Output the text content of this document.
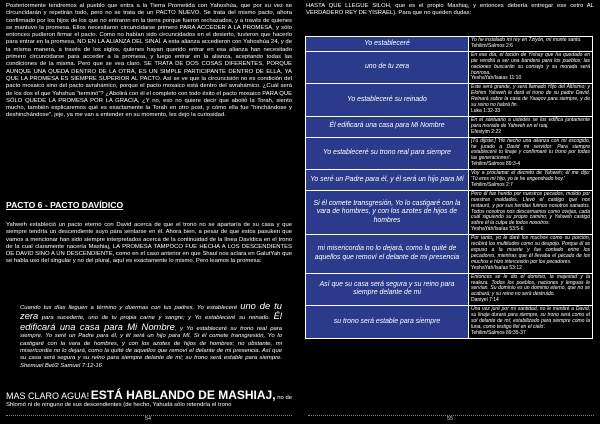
Posteriormente tendremos al pueblo que entra a la Tierra Prometida con Yahoshúa, que por su vez se circuncidarán y repetirán todo, pero no se trata de un PACTO NUEVO. Se trata del mismo pacto, ahora confirmado por los hijos de los que no entraron en la tierra porque fueron rechazados, y a través de quienes se mantuvo la promesa. Ellos necesitaron circuncidarse primero PARA ACCEDER A LA PROMESA, y sólo entonces pudieron firmar el pacto. Como no habían sido circuncidados en el desierto, tuvieron que hacerlo para entrar en la promesa, NO EN LA ALIANZA DEL SINAÍ. A esta alianza accedieron con Yahoshúa 24, y de la misma manera, a través de los siglos, quienes hayan querido entrar en esa alianza han necesitado primero circuncidarse para acceder a la promesa, y luego entrar en la alianza, aceptando todas las condiciones de la misma. Pero que se vea claro. SE TRATA DE DOS COSAS DIFERENTES, PORQUE AUNQUE UNA QUEDA DENTRO DE LA OTRA, ES UN SIMPLE PARTICIPANTE DENTRO DE ELLA, YA QUE LA PROMESA ES SIEMPRE SUPERIOR AL PACTO. Así se ve que la circuncisión no es condición del pacto mosaico sino del pacto avrahámico, porque el pacto mosaico está dentro del avrahámico. ¿Cuál será de los dos el que Yahshua "terminó"? ¿Abolirá con él el completo con todo éxito el pacto mosaico PARA QUE SÓLO QUEDE LA PROMESA POR LA GRACIA, ¿Y no, eso no quiere decir que abolió la Torah, siento mucho, también explicaremos qué es exactamente la Torah en otro post, y cómo ella fue "hinchándose y deshinchándose", jeje, ya me van a entender en su momento, les dejo la curiosidad.

PACTO 6 - PACTO DAVÍDICO

Yahweh estableció un pacto eterno con David acerca de que el trono no se apartaría de su casa y que siempre tendría un descendiente suyo para sentarse en él. Ahora bien, a pesar de que estos pasuken que vamos a mencionar han sido siempre interpretados acerca de la continuidad de la línea Davídica en el trono de la cual claramente nacería Mashiaj, LA PROMESA TAMPOCO FUE HECHA A LOS DESCENDIENTES DE DAVID SINO A UN DESCENDIENTE, como en el caso anterior en que Shaul nos aclara en GalutYah que se habla uso del singular y no del plural, aquí es exactamente lo mismo. Pero leamos la promesa:

Cuando tus días lleguen a término y duermas con tus padres, Yo estableceré uno de tu zera para sucederte, uno de tu propia carne y sangre; y Yo estableceré su reinado. Él edificará una casa para Mi Nombre, y Yo estableceré su trono real para siempre. Yo seré un Padre para él, y él será un hijo para Mí. Si él comete transgresión, Yo lo castigaré con la vara de hombres, y con los azotes de hijos de hombres; no obstante, mi misericordia no lo dejará, como la quité de aquellos que removí el delante de mi presencia. Así que su casa será segura y su reino para siempre delante de mi; su trono será estable para siempre. Shemuel Bet/2 Samuel 7:12-16

MAS CLARO AGUA! ESTÁ HABLANDO DE MASHIAJ, no de Shlomó ni de ninguno de sus descendientes (de hecho, Yahudá sólo retendría el trono

54

HASTA QUE LLEGUE SILOH, que es el propio Mashiaj, y entonces debería entregar ese cetro AL VERDADERO REY DE YISRAEL). Para que no queden dudas:

Yo estableceré	Yo he instalado mi rey en Tziyón, mi monte santo.
Tehilim/Salmos 2:6
uno de tu zera	En ese día, el toción de Yishay que ha quedado en pie vendrá a ser una bandera para los pueblos; las naciones buscarán su consejo y su morada será honrosa.
YeshaYah/Isaias 11:10
Yo estableceré su reinado	Este será grande, y será llamado Hijo del Altísimo; y Elohim Yahweh le dará el trono de su padre David. Reinará sobre la casa de Yaaqov para siempre, y de su reino no habrá fin.
Luka 1:32-33
Él edificará una casa para Mi Nombre	En el santuario a ustedes se los edifica juntamente para morada de Yahweh en el ruaj.
Efesiyim 2:22
Yo estableceré su trono real para siempre	[Tú dijiste:] 'He hecho una alianza con mi escogido, he jurado a David mi servidor: Para siempre estableceré tu linaje y confirmaré tu trono por todas las generaciones'.
Tehilim/Salmos 89:3-4
Yo seré un Padre para él, y él será un hijo para Mí	Voy a proclamar el decreto de Yahweh; él me dijo: 'Tú eres mi hijo, yo te he engendrado hoy.'
Tehilim/Salmos 2:7
Si él comete transgresión, Yo lo castigaré con la vara de hombres, y con los azotes de hijos de hombres	Pero él fue herido por nuestros pecados, molido por nuestras maldades. Llevó el castigo que nos restauró, y por sus heridas fuimos nosotros sanados. Todos nosotros nos descarriamos como ovejas, cada cual siguiendo su propio camino; y Yahweh castigó sobre él la culpa de todos nosotros.
YeshaYah/Isaías 53:5-6
mi misericordia no lo dejará, como la quité de aquellos que removí el delante de mi presencia	Por tanto, yo le daré los muchos como su porción, recibirá los multitudes como su despojo. Porque él se expuso a la muerte y fue contado entre los pecadores, mientras que él llevaba el pecado de los muchos e hizo intercesión por los pecadores.
YeshaYah/Isaías 53:12
Así que su casa será segura y su reino para siempre delante de mi	Entonces se le dio el dominio, la majestad y la realeza. Todos los pueblos, naciones y lenguas le servían. Su dominio es un dominio eterno, que no se acabará; y su reino no será destruido.
Daniyel 7:14
su trono será estable para siempre	Una vez juré por mi santidad, no le mentiré a David, su linaje durará para siempre, su trono será como el sol delante de mí; estabilizado para siempre como la luna, como testigo fiel en el cielo'.
Tehilim/Salmos 89:35-37
55
